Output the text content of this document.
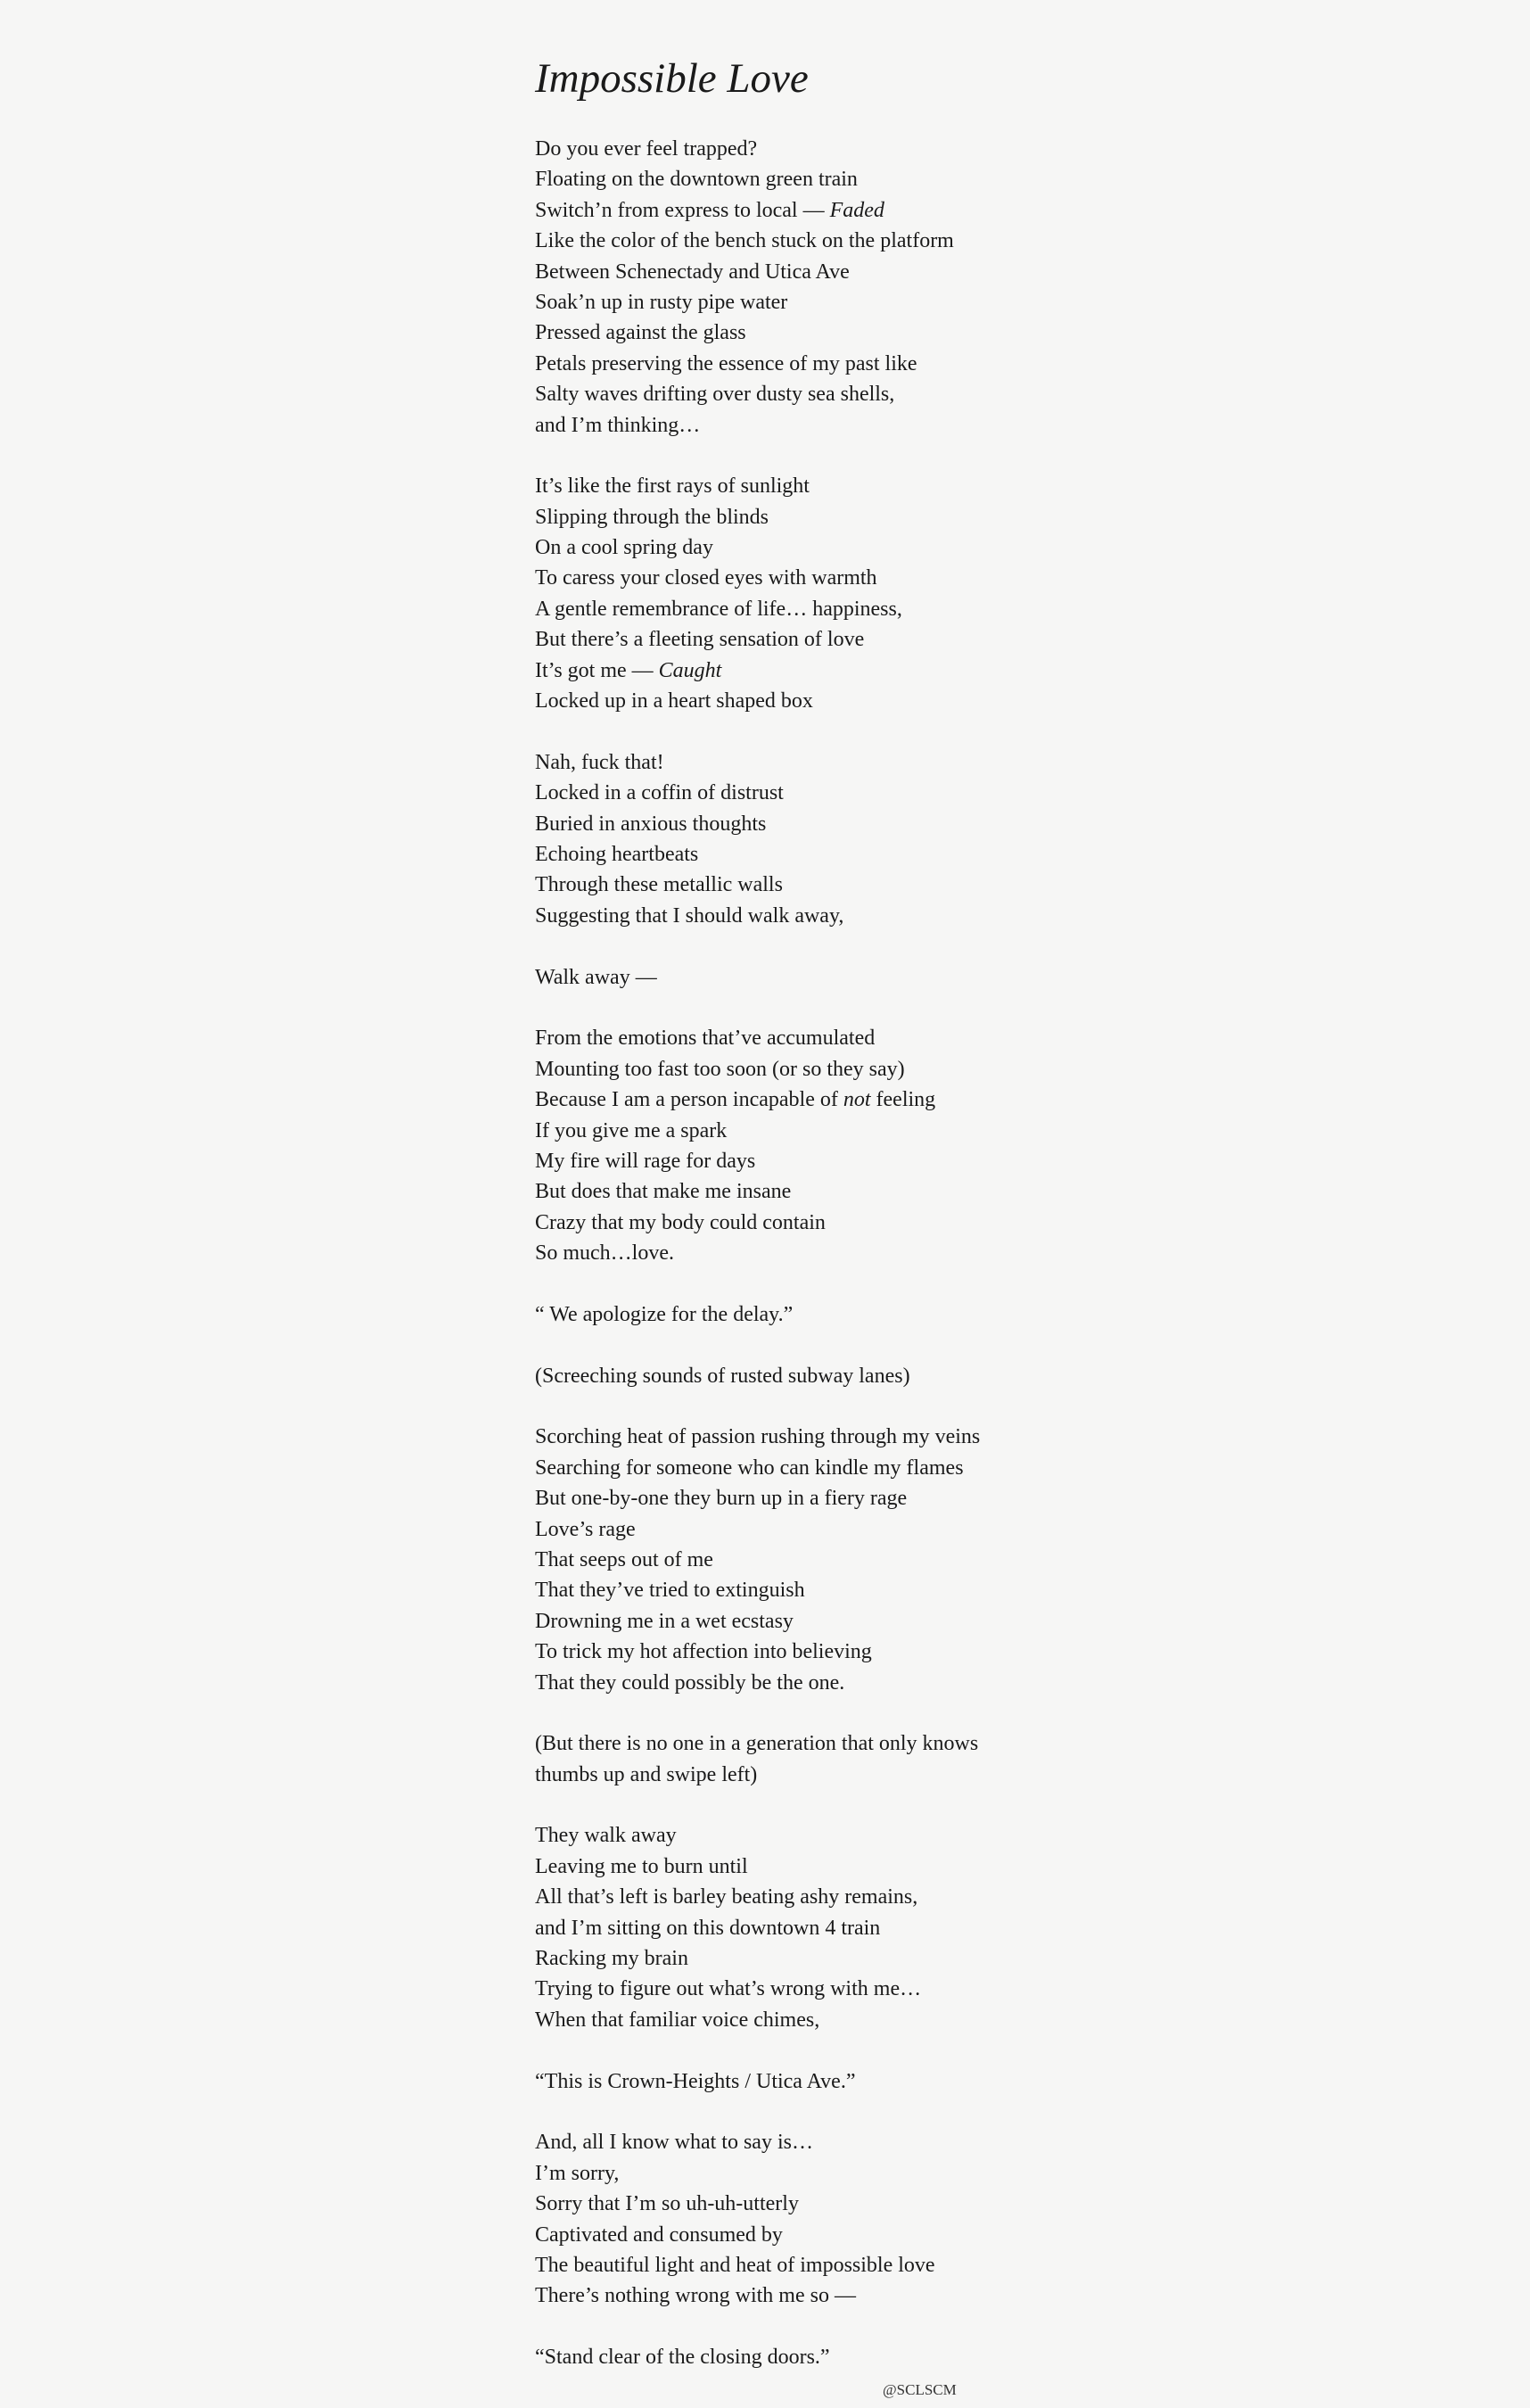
Impossible Love
Do you ever feel trapped?
Floating on the downtown green train
Switch’n from express to local — Faded
Like the color of the bench stuck on the platform
Between Schenectady and Utica Ave
Soak’n up in rusty pipe water
Pressed against the glass
Petals preserving the essence of my past like
Salty waves drifting over dusty sea shells,
and I’m thinking…
It’s like the first rays of sunlight
Slipping through the blinds
On a cool spring day
To caress your closed eyes with warmth
A gentle remembrance of life… happiness,
But there’s a fleeting sensation of love
It’s got me — Caught
Locked up in a heart shaped box
Nah, fuck that!
Locked in a coffin of distrust
Buried in anxious thoughts
Echoing heartbeats
Through these metallic walls
Suggesting that I should walk away,
Walk away —
From the emotions that’ve accumulated
Mounting too fast too soon (or so they say)
Because I am a person incapable of not feeling
If you give me a spark
My fire will rage for days
But does that make me insane
Crazy that my body could contain
So much…love.
“ We apologize for the delay.”
(Screeching sounds of rusted subway lanes)
Scorching heat of passion rushing through my veins
Searching for someone who can kindle my flames
But one-by-one they burn up in a fiery rage
Love’s rage
That seeps out of me
That they’ve tried to extinguish
Drowning me in a wet ecstasy
To trick my hot affection into believing
That they could possibly be the one.
(But there is no one in a generation that only knows
thumbs up and swipe left)
They walk away
Leaving me to burn until
All that’s left is barley beating ashy remains,
and I’m sitting on this downtown 4 train
Racking my brain
Trying to figure out what’s wrong with me…
When that familiar voice chimes,
“This is Crown-Heights / Utica Ave.”
And, all I know what to say is…
I’m sorry,
Sorry that I’m so uh-uh-utterly
Captivated and consumed by
The beautiful light and heat of impossible love
There’s nothing wrong with me so —
“Stand clear of the closing doors.”
@SCLSCM
